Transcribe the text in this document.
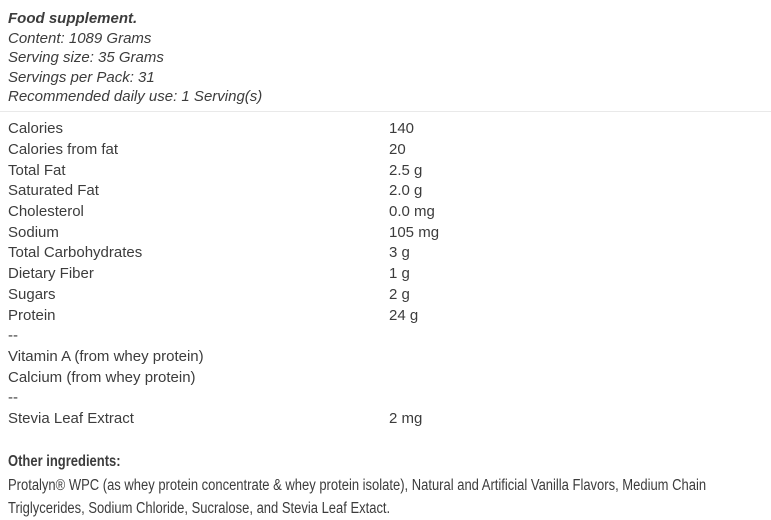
Food supplement.
Content: 1089 Grams
Serving size: 35 Grams
Servings per Pack: 31
Recommended daily use: 1 Serving(s)
Calories	140
Calories from fat	20
Total Fat	2.5 g
Saturated Fat	2.0 g
Cholesterol	0.0 mg
Sodium	105 mg
Total Carbohydrates	3 g
Dietary Fiber	1 g
Sugars	2 g
Protein	24 g
--
Vitamin A (from whey protein)
Calcium (from whey protein)
--
Stevia Leaf Extract	2 mg
Other ingredients:
Protalyn® WPC (as whey protein concentrate & whey protein isolate), Natural and Artificial Vanilla Flavors, Medium Chain Triglycerides, Sodium Chloride, Sucralose, and Stevia Leaf Extact.
